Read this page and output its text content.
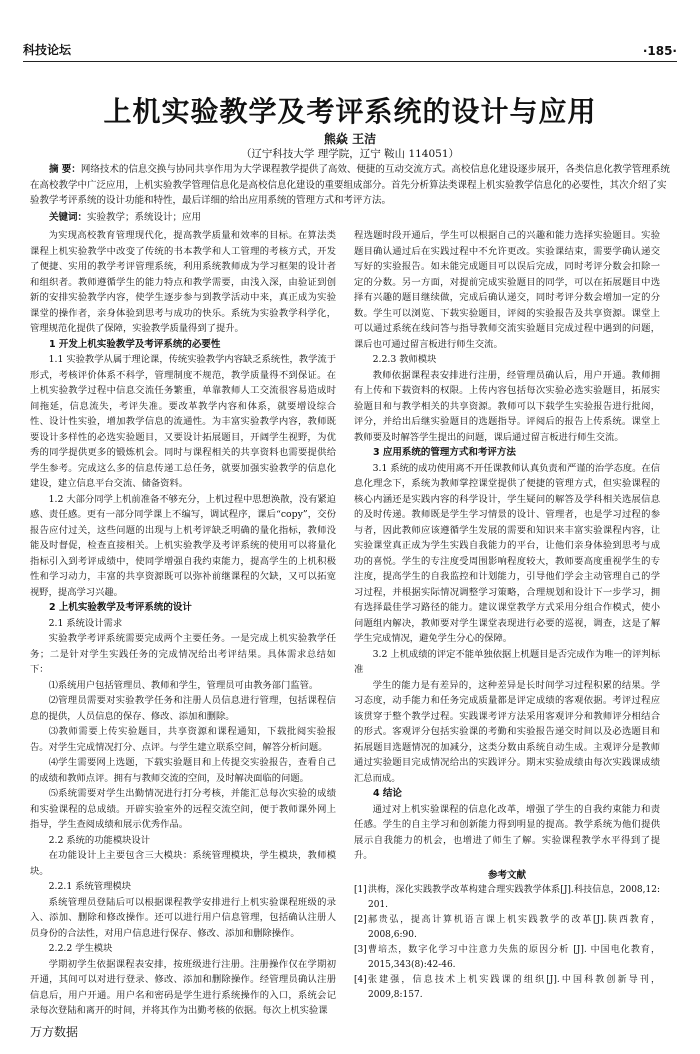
科技论坛	·185·
上机实验教学及考评系统的设计与应用
熊焱 王洁
（辽宁科技大学 理学院，辽宁 鞍山 114051）
摘 要：网络技术的信息交换与协同共享作用为大学课程教学提供了高效、便捷的互动交流方式。高校信息化建设逐步展开，各类信息化教学管理系统在高校教学中广泛应用，上机实验教学管理信息化是高校信息化建设的重要组成部分。首先分析算法类课程上机实验教学信息化的必要性，其次介绍了实验教学考评系统的设计功能和特性，最后详细的给出应用系统的管理方式和考评方法。
关键词：实验教学；系统设计；应用

为实现高校教育管理现代化，提高教学质量和效率的目标。在算法类课程上机实验教学中改变了传统的书本教学和人工管理的考核方式，开发了便捷、实用的教学考评管理系统，利用系统教师成为学习框架的设计者和组织者。教师遵循学生的能力特点和教学需要，由浅入深，由验证到创新的安排实验教学内容，使学生逐步参与到教学活动中来，真正成为实验课堂的操作者，亲身体验到思考与成功的快乐。系统为实验教学科学化，管理规范化提供了保障，实验教学质量得到了提升。

1 开发上机实验教学及考评系统的必要性

1.1 实验教学从属于理论课，传统实验教学内容缺乏系统性，教学流于形式，考核评价体系不科学，管理制度不规范，教学质量得不到保证。在上机实验教学过程中信息交流任务繁重，单靠教师人工交流很容易造成时间拖延，信息流失，考评失准。要改革教学内容和体系，就要增设综合性、设计性实验，增加教学信息的流通性。为丰富实验教学内容，教师既要设计多样性的必选实验题目，又要设计拓展题目，开阔学生视野，为优秀的同学提供更多的锻炼机会。同时与课程相关的共享资料也需要提供给学生参考。完成这么多的信息传递工总任务，就要加强实验教学的信息化建设，建立信息平台交流、储备资料。

1.2 大部分同学上机前准备不够充分，上机过程中思想涣散，没有紧迫感、责任感。更有一部分同学课上不编写，调试程序，课后“copy”，交份报告应付过关，这些问题的出现与上机考评缺乏明确的量化指标，教师没能及时督促，检查直接相关。上机实验教学及考评系统的使用可以将量化指标引入到考评成绩中，使同学增强自我约束能力，提高学生的上机积极性和学习动力，丰富的共享资源既可以弥补前继课程的欠缺，又可以拓宽视野，提高学习兴趣。

2 上机实验教学及考评系统的设计
2.1 系统设计需求

实验教学考评系统需要完成两个主要任务。一是完成上机实验教学任务；二是针对学生实践任务的完成情况给出考评结果。具体需求总结如下：

⑴系统用户包括管理员、教师和学生，管理员可由教务部门监管。

⑵管理员需要对实验教学任务和注册人员信息进行管理，包括课程信息的提供，人员信息的保存、修改、添加和删除。

⑶教师需要上传实验题目，共享资源和课程通知，下载批阅实验报告。对学生完成情况打分、点评。与学生建立联系空间，解答分析问题。

⑷学生需要网上选题，下载实验题目和上传提交实验报告，查看自己的成绩和教师点评。拥有与教师交流的空间，及时解决面临的问题。

⑸系统需要对学生出勤情况进行打分考核，并能汇总每次实验的成绩和实验课程的总成绩。开辟实验室外的远程交流空间，便于教师课外网上指导，学生查阅成绩和展示优秀作品。

2.2 系统的功能模块设计

在功能设计上主要包含三大模块：系统管理模块，学生模块，教师模块。

2.2.1 系统管理模块

系统管理员登陆后可以根据课程教学安排进行上机实验课程班级的录入、添加、删除和修改操作。还可以进行用户信息管理，包括确认注册人员身份的合法性，对用户信息进行保存、修改、添加和删除操作。

2.2.2 学生模块

学期初学生依据课程表安排，按班级进行注册。注册操作仅在学期初开通，其间可以对进行登录、修改、添加和删除操作。经管理员确认注册信息后，用户开通。用户名和密码是学生进行系统操作的入口，系统会记录每次登陆和离开的时间，并将其作为出勤考核的依据。每次上机实验课

程选题时段开通后，学生可以根据自己的兴趣和能力选择实验题目。实验题目确认通过后在实践过程中不允许更改。实验课结束，需要学确认递交写好的实验报告。如未能完成题目可以误后完成，同时考评分数会扣除一定的分数。另一方面，对提前完成实验题目的同学，可以在拓展题目中选择有兴趣的题目继续做，完成后确认递交，同时考评分数会增加一定的分数。学生可以浏览、下载实验题目，评阅的实验报告及共享资源。课堂上可以通过系统在线问答与指导教师交流实验题目完成过程中遇到的问题，课后也可通过留言板进行师生交流。

2.2.3 教师模块

教师依据课程表安排进行注册，经管理员确认后，用户开通。教师拥有上传和下载资料的权限。上传内容包括每次实验必选实验题目，拓展实验题目和与教学相关的共享资源。教师可以下载学生实验报告进行批阅，评分，并给出后继实验题目的选题指导。评阅后的报告上传系统。课堂上教师要及时解答学生提出的问题，课后通过留言板进行师生交流。

3 应用系统的管理方式和考评方法

3.1 系统的成功使用离不开任课教师认真负责和严谨的治学态度。在信息化理念下，系统为教师掌控课堂提供了便捷的管理方式，但实验课程的核心内涵还是实践内容的科学设计，学生疑问的解答及学科相关选展信息的及时传递。教师既是学生学习情景的设计、管理者，也是学习过程的参与者，因此教师应该遵循学生发展的需要和知识来丰富实验课程内容，让实验课堂真正成为学生实践自我能力的平台，让他们亲身体验到思考与成功的喜悦。学生的专注度受周围影响程度较大，教师要高度重视学生的专注度，提高学生的自我监控和计划能力，引导他们学会主动管理自己的学习过程，并根据实际情况调整学习策略，合理规划和设计下一步学习，拥有选择最佳学习路径的能力。建议课堂教学方式采用分组合作模式，使小问题组内解决，教师要对学生课堂表现进行必要的巡视，调查，这是了解学生完成情况，避免学生分心的保障。

3.2 上机成绩的评定不能单独依据上机题目是否完成作为唯一的评判标准

学生的能力是有差异的，这种差异是长时间学习过程积累的结果。学习态度，动手能力和任务完成质量都是评定成绩的客观依据。考评过程应该贯穿于整个教学过程。实践课考评方法采用客观评分和教师评分相结合的形式。客观评分包括实验课的考勤和实验报告递交时间以及必选题目和拓展题目选题情况的加减分，这类分数由系统自动生成。主观评分是教师通过实验题目完成情况给出的实践评分。期末实验成绩由每次实践课成绩汇总而成。

4 结论

通过对上机实验课程的信息化改革，增强了学生的自我约束能力和责任感。学生的自主学习和创新能力得到明显的提高。教学系统为他们提供展示自我能力的机会，也增进了师生了解。实验课程教学水平得到了提升。

参考文献

[1] 洪梅，深化实践教学改革构建合理实践教学体系[J].科技信息，2008,12: 201.

[2] 郝贵弘，提高计算机语言课上机实践教学的改革[J].陕西教育，2008,6:90.

[3] 曹培杰，数字化学习中注意力失焦的原因分析 [J]. 中国电化教育，2015,343(8):42-46.

[4] 张建强，信息技术上机实践课的组织[J].中国科教创新导刊，2009,8:157.

万方数据
